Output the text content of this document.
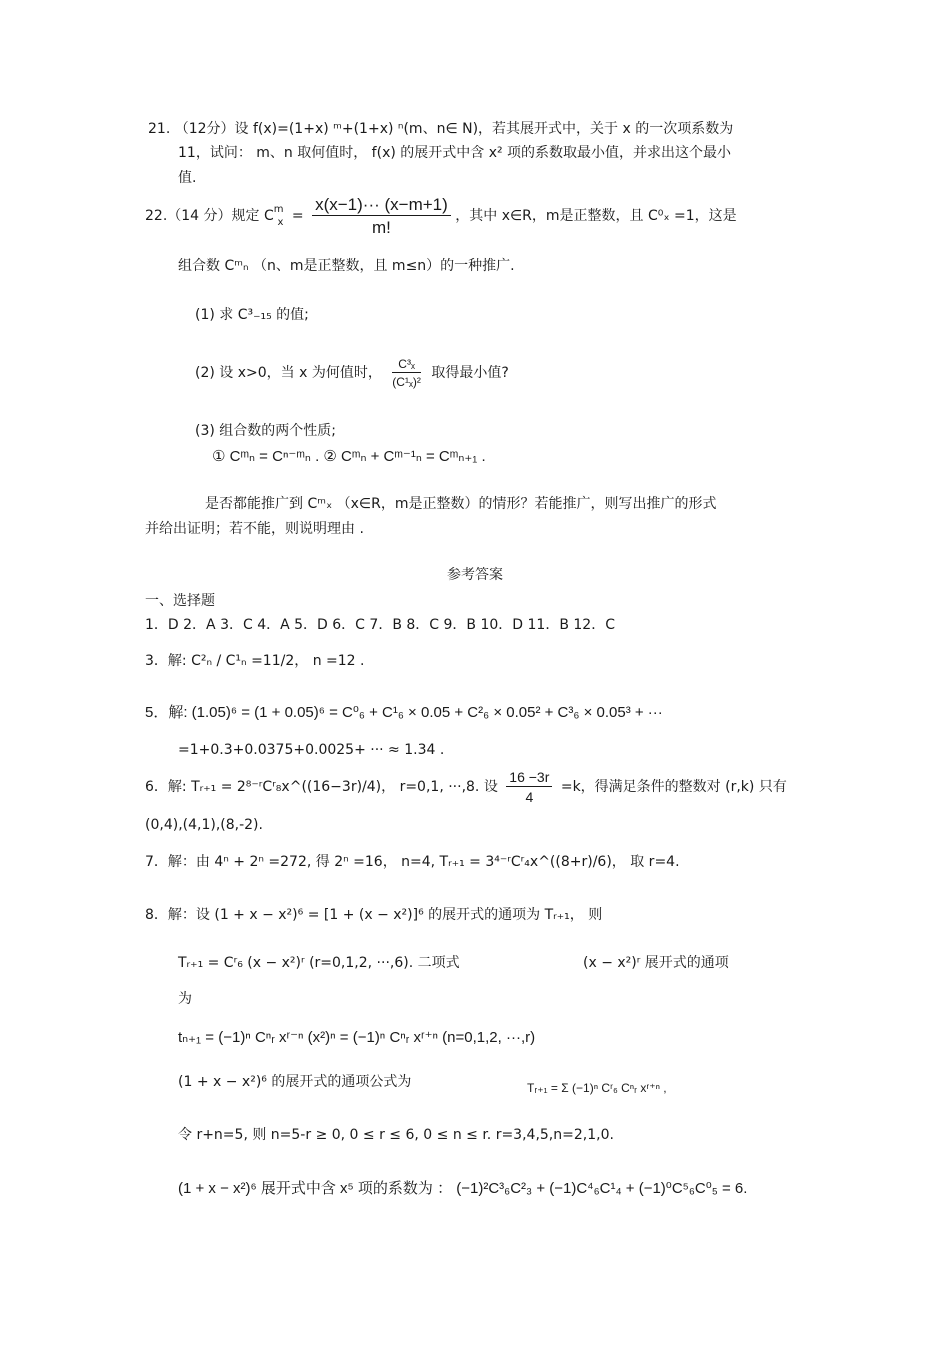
21. （12分）设 f(x)=(1+x) ᵐ+(1+x) ⁿ(m、n∈ N)，若其展开式中，关于 x 的一次项系数为
11，试问： m、n 取何值时， f(x) 的展开式中含 x² 项的系数取最小值，并求出这个最小
值.
22.（14 分）规定 $C^m_x = \frac{x(x-1)\cdot\cdot\cdot (x-m+1)}{m!}$ ，其中 x∈R，m是正整数，且 C⁰ₓ =1，这是
组合数 Cᵐₙ （n、m是正整数，且 m≤n）的一种推广.
(1) 求 C³₋₁₅ 的值;
(2) 设 x>0，当 x 为何值时， $\frac{\text{C³ₓ}}{\text{(C¹ₓ)²}}$ 取得最小值?
(3) 组合数的两个性质;
① Cᵐₙ = Cⁿ⁻ᵐₙ . ② Cᵐₙ + Cᵐ⁻¹ₙ = Cᵐₙ₊₁ .
是否都能推广到 Cᵐₓ （x∈R，m是正整数）的情形？若能推广，则写出推广的形式
并给出证明；若不能，则说明理由 .
参考答案
一、选择题
1．D 2．A 3．C 4．A 5．D 6．C 7．B 8．C 9．B 10．D 11．B 12．C
3．解: C²ₙ / C¹ₙ =11/2， n =12 .
5．解: (1.05)⁶ = (1 + 0.05)⁶ = C⁰₆ + C¹₆ × 0.05 + C²₆ × 0.05² + C³₆ × 0.05³ + ···
=1+0.3+0.0375+0.0025+ ··· ≈ 1.34 .
6．解: Tᵣ₊₁ = 2⁸⁻ʳCʳ₈x^((16−3r)/4)， r=0,1, ···,8. 设 $\frac{16 -3r}{4} =k$，得满足条件的整数对 (r,k) 只有
(0,4),(4,1),(8,-2).
7．解：由 4ⁿ + 2ⁿ =272, 得 2ⁿ =16， n=4, Tᵣ₊₁ = 3⁴⁻ʳCʳ₄x^((8+r)/6)， 取 r=4.
8．解：设 (1 + x − x²)⁶ = [1 + (x − x²)]⁶ 的展开式的通项为 Tᵣ₊₁， 则
Tᵣ₊₁ = Cʳ₆ (x − x²)ʳ (r=0,1,2, ···,6). 二项式	(x − x²)ʳ 展开式的通项
为
tₙ₊₁ = (−1)ⁿ Cⁿᵣ xʳ⁻ⁿ (x²)ⁿ = (−1)ⁿ Cⁿᵣ xʳ⁺ⁿ (n=0,1,2, ···,r)
(1 + x − x²)⁶ 的展开式的通项公式为	Tᵣ₊₁ = Σ (−1)ⁿ Cʳ₆ Cⁿᵣ xʳ⁺ⁿ ,
令 r+n=5, 则 n=5-r ≥ 0, 0 ≤ r ≤ 6, 0 ≤ n ≤ r. r=3,4,5,n=2,1,0.
(1 + x − x²)⁶ 展开式中含 x⁵ 项的系数为 ： (−1)²C³₆C²₃ + (−1)C⁴₆C¹₄ + (−1)⁰C⁵₆C⁰₅ = 6.
